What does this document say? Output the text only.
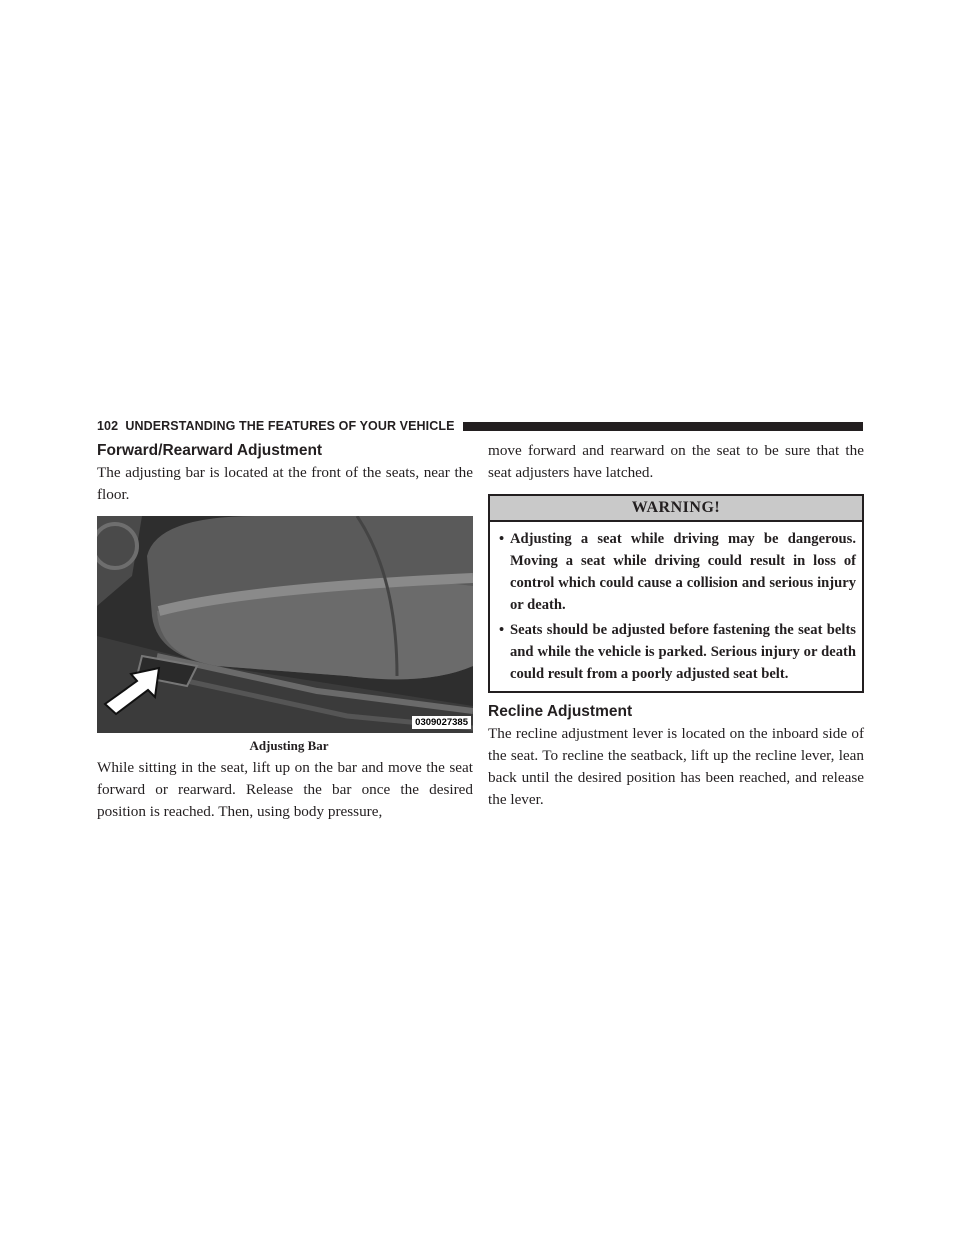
102 UNDERSTANDING THE FEATURES OF YOUR VEHICLE
Forward/Rearward Adjustment

The adjusting bar is located at the front of the seats, near the floor.

0309027385
Adjusting Bar

While sitting in the seat, lift up on the bar and move the seat forward or rearward. Release the bar once the desired position is reached. Then, using body pressure,

move forward and rearward on the seat to be sure that the seat adjusters have latched.

WARNING!
• Adjusting a seat while driving may be dangerous. Moving a seat while driving could result in loss of control which could cause a collision and serious injury or death.
• Seats should be adjusted before fastening the seat belts and while the vehicle is parked. Serious injury or death could result from a poorly adjusted seat belt.
Recline Adjustment

The recline adjustment lever is located on the inboard side of the seat. To recline the seatback, lift up the recline lever, lean back until the desired position has been reached, and release the lever.
